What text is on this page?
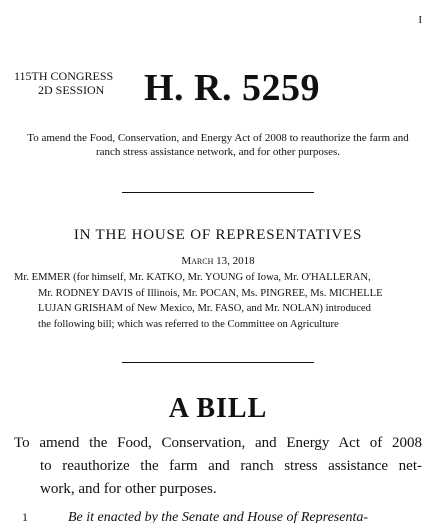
I
115TH CONGRESS
2D SESSION H. R. 5259
To amend the Food, Conservation, and Energy Act of 2008 to reauthorize the farm and ranch stress assistance network, and for other purposes.
IN THE HOUSE OF REPRESENTATIVES
March 13, 2018
Mr. EMMER (for himself, Mr. KATKO, Mr. YOUNG of Iowa, Mr. O'HALLERAN,
Mr. RODNEY DAVIS of Illinois, Mr. POCAN, Ms. PINGREE, Ms. MICHELLE
LUJAN GRISHAM of New Mexico, Mr. FASO, and Mr. NOLAN) introduced
the following bill; which was referred to the Committee on Agriculture
A BILL
To amend the Food, Conservation, and Energy Act of 2008
to reauthorize the farm and ranch stress assistance net-
work, and for other purposes.
1	Be it enacted by the Senate and House of Representa-
